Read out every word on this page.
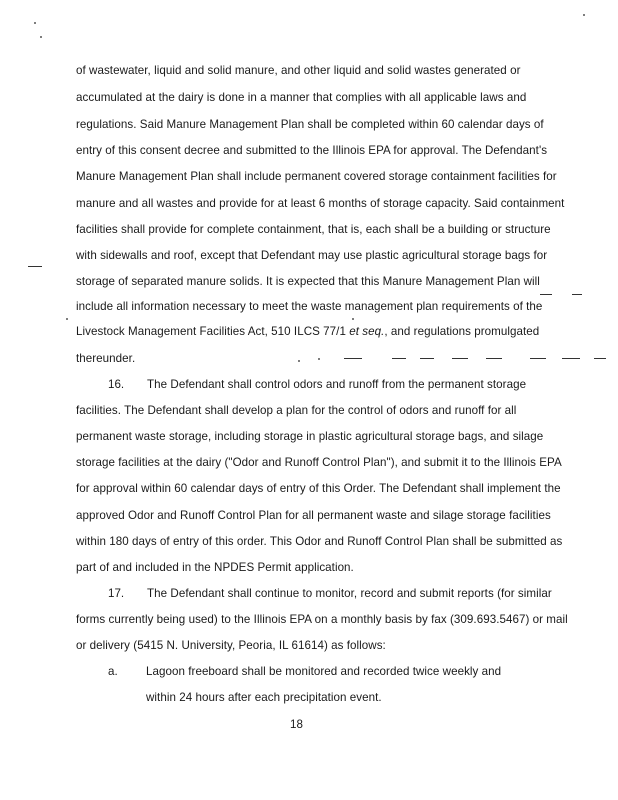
of wastewater, liquid and solid manure, and other liquid and solid wastes generated or
accumulated at the dairy is done in a manner that complies with all applicable laws and
regulations. Said Manure Management Plan shall be completed within 60 calendar days of
entry of this consent decree and submitted to the Illinois EPA for approval. The Defendant's
Manure Management Plan shall include permanent covered storage containment facilities for
manure and all wastes and provide for at least 6 months of storage capacity. Said containment
facilities shall provide for complete containment, that is, each shall be a building or structure
with sidewalls and roof, except that Defendant may use plastic agricultural storage bags for
storage of separated manure solids. It is expected that this Manure Management Plan will
include all information necessary to meet the waste management plan requirements of the
Livestock Management Facilities Act, 510 ILCS 77/1 et seq., and regulations promulgated
thereunder.
16. The Defendant shall control odors and runoff from the permanent storage
facilities. The Defendant shall develop a plan for the control of odors and runoff for all
permanent waste storage, including storage in plastic agricultural storage bags, and silage
storage facilities at the dairy ("Odor and Runoff Control Plan"), and submit it to the Illinois EPA
for approval within 60 calendar days of entry of this Order. The Defendant shall implement the
approved Odor and Runoff Control Plan for all permanent waste and silage storage facilities
within 180 days of entry of this order. This Odor and Runoff Control Plan shall be submitted as
part of and included in the NPDES Permit application.
17. The Defendant shall continue to monitor, record and submit reports (for similar
forms currently being used) to the Illinois EPA on a monthly basis by fax (309.693.5467) or mail
or delivery (5415 N. University, Peoria, IL 61614) as follows:
a. Lagoon freeboard shall be monitored and recorded twice weekly and
within 24 hours after each precipitation event.
18
